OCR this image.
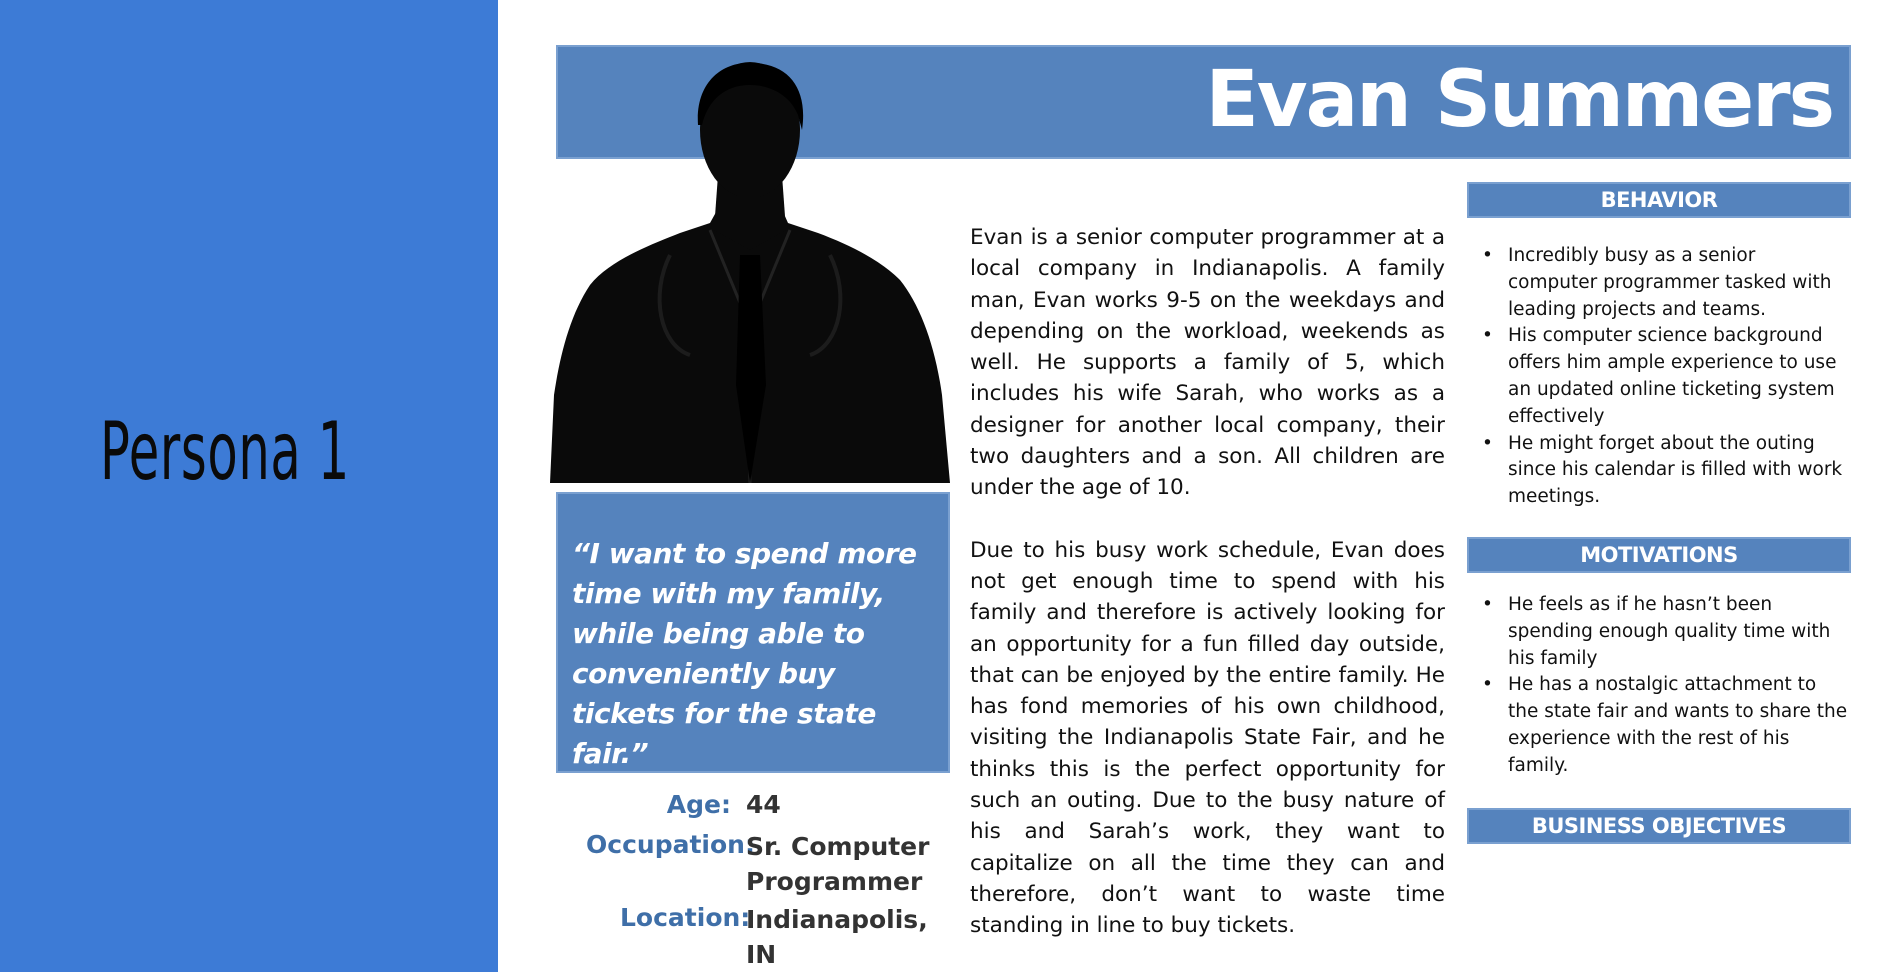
Persona 1
Evan Summers
“I want to spend more time with my family, while being able to conveniently buy tickets for the state fair.”
Age: 44
Occupation:
Sr. Computer
Programmer
Location:
Indianapolis,
IN

Evan is a senior computer programmer at a local company in Indianapolis. A family man, Evan works 9-5 on the weekdays and depending on the workload, weekends as well. He supports a family of 5, which includes his wife Sarah, who works as a designer for another local company, their two daughters and a son. All children are under the age of 10.

Due to his busy work schedule, Evan does not get enough time to spend with his family and therefore is actively looking for an opportunity for a fun filled day outside, that can be enjoyed by the entire family. He has fond memories of his own childhood, visiting the Indianapolis State Fair, and he thinks this is the perfect opportunity for such an outing. Due to the busy nature of his and Sarah’s work, they want to capitalize on all the time they can and therefore, don’t want to waste time standing in line to buy tickets.

BEHAVIOR
• Incredibly busy as a senior computer programmer tasked with leading projects and teams.
• His computer science background offers him ample experience to use an updated online ticketing system effectively
• He might forget about the outing since his calendar is filled with work meetings.
MOTIVATIONS
• He feels as if he hasn’t been spending enough quality time with his family
• He has a nostalgic attachment to the state fair and wants to share the experience with the rest of his family.
BUSINESS OBJECTIVES
